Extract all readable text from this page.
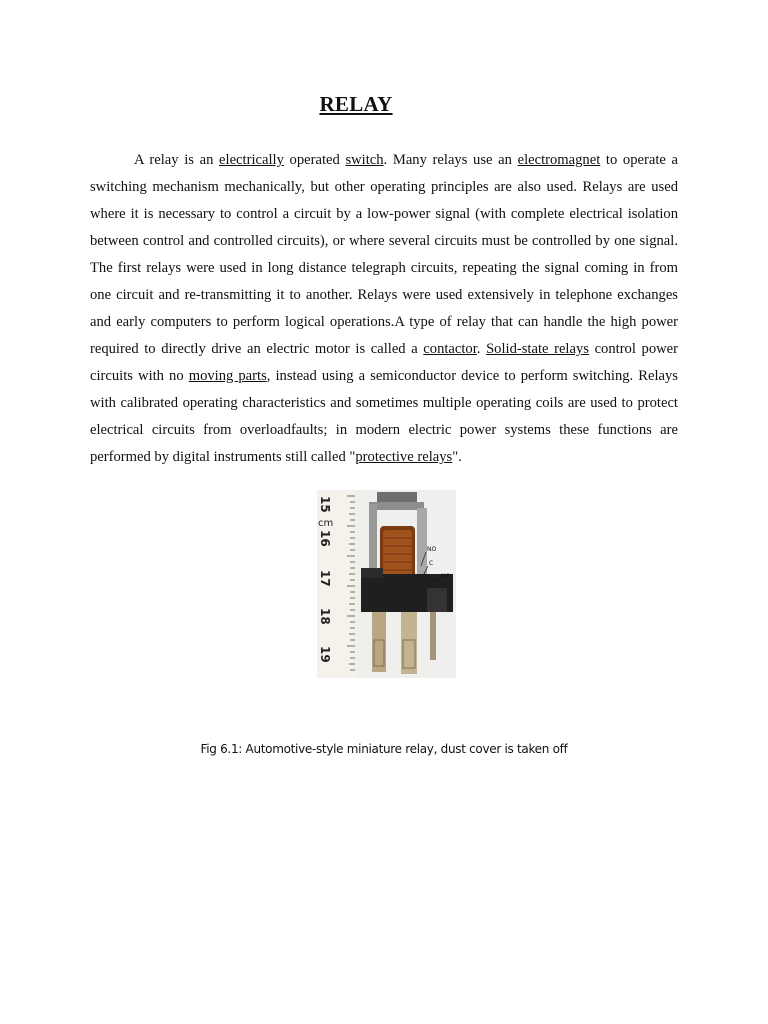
RELAY

A relay is an electrically operated switch. Many relays use an electromagnet to operate a switching mechanism mechanically, but other operating principles are also used. Relays are used where it is necessary to control a circuit by a low-power signal (with complete electrical isolation between control and controlled circuits), or where several circuits must be controlled by one signal. The first relays were used in long distance telegraph circuits, repeating the signal coming in from one circuit and re-transmitting it to another. Relays were used extensively in telephone exchanges and early computers to perform logical operations.A type of relay that can handle the high power required to directly drive an electric motor is called a contactor. Solid-state relays control power circuits with no moving parts, instead using a semiconductor device to perform switching. Relays with calibrated operating characteristics and sometimes multiple operating coils are used to protect electrical circuits from overloadfaults; in modern electric power systems these functions are performed by digital instruments still called "protective relays".

15
cm
16
17
18
19
NO
C
NC
Fig 6.1: Automotive-style miniature relay, dust cover is taken off
